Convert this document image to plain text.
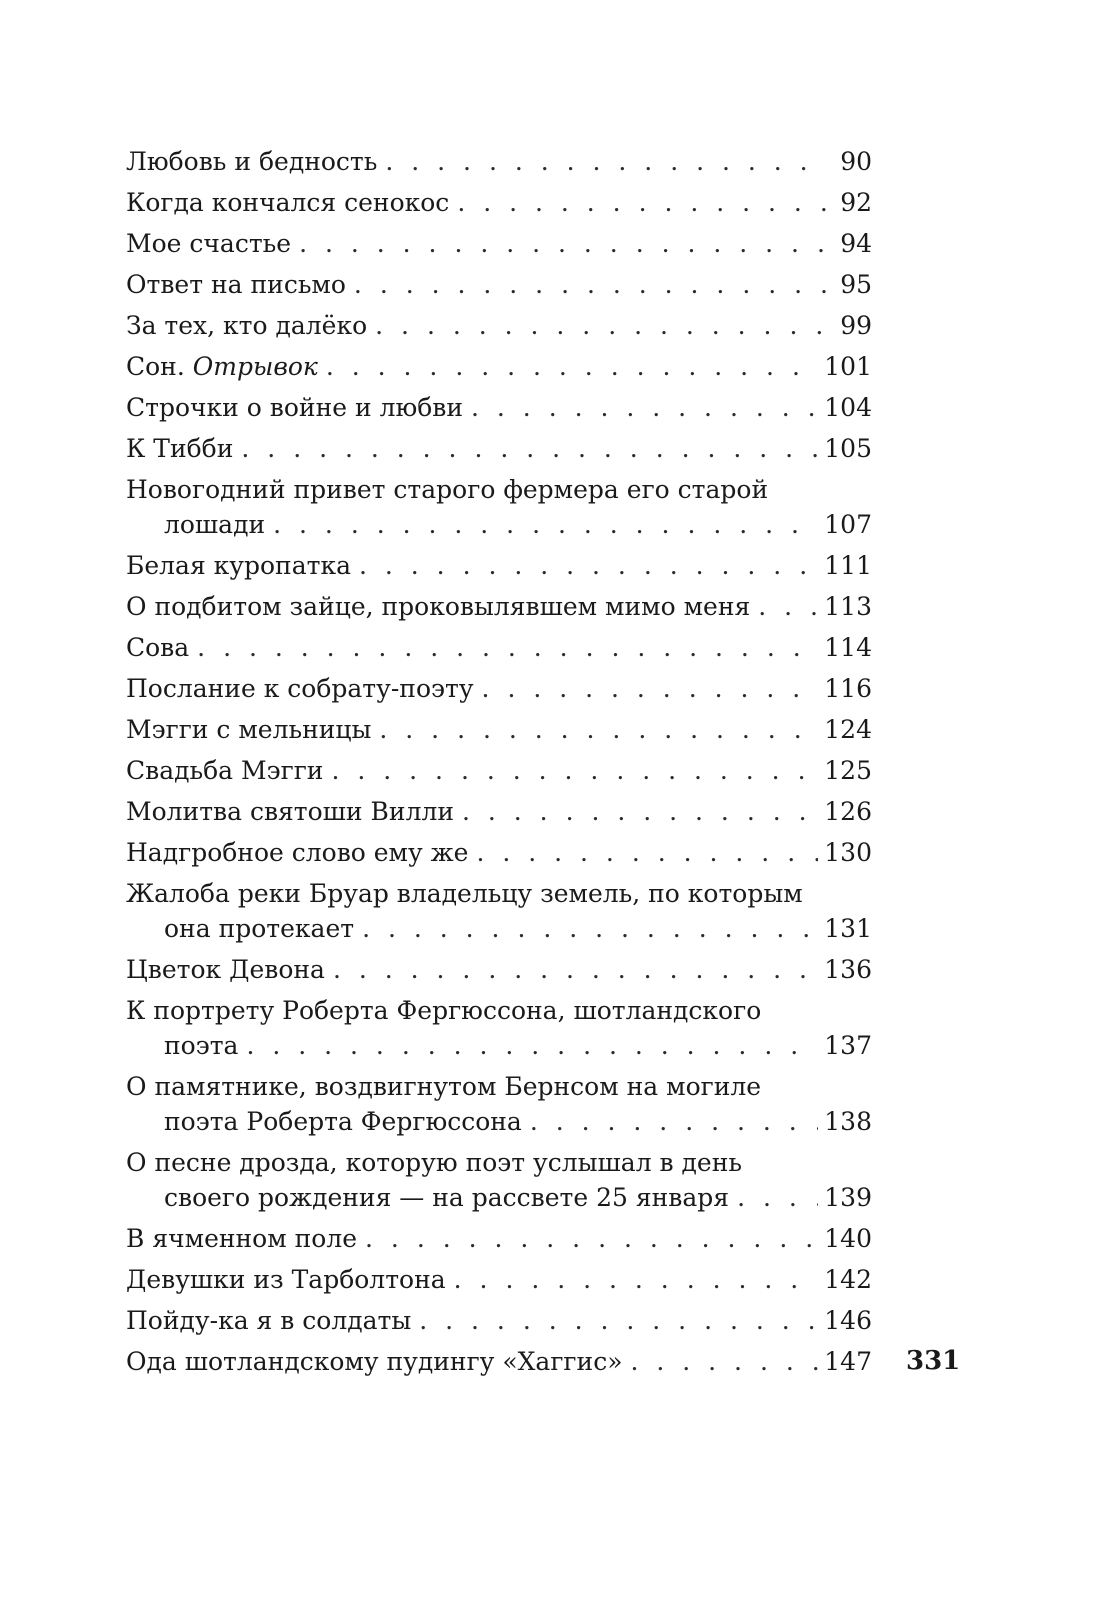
Любовь и бедность . . .	90
Когда кончался сенокос . . .	92
Мое счастье . . .	94
Ответ на письмо . . .	95
За тех, кто далёко . . .	99
Сон. Отрывок . . .	101
Строчки о войне и любви . . .	104
К Тибби . . .	105
Новогодний привет старого фермера его старой
лошади . . .	107
Белая куропатка . . .	111
О подбитом зайце, проковылявшем мимо меня . . .	113
Сова . . .	114
Послание к собрату-поэту . . .	116
Мэгги с мельницы . . .	124
Свадьба Мэгги . . .	125
Молитва святоши Вилли . . .	126
Надгробное слово ему же . . .	130
Жалоба реки Бруар владельцу земель, по которым
она протекает . . .	131
Цветок Девона . . .	136
К портрету Роберта Фергюссона, шотландского
поэта . . .	137
О памятнике, воздвигнутом Бернсом на могиле
поэта Роберта Фергюссона . . .	138
О песне дрозда, которую поэт услышал в день
своего рождения — на рассвете 25 января . . .	139
В ячменном поле . . .	140
Девушки из Тарболтона . . .	142
Пойду-ка я в солдаты . . .	146
Ода шотландскому пудингу «Хаггис» . . .	147 331
